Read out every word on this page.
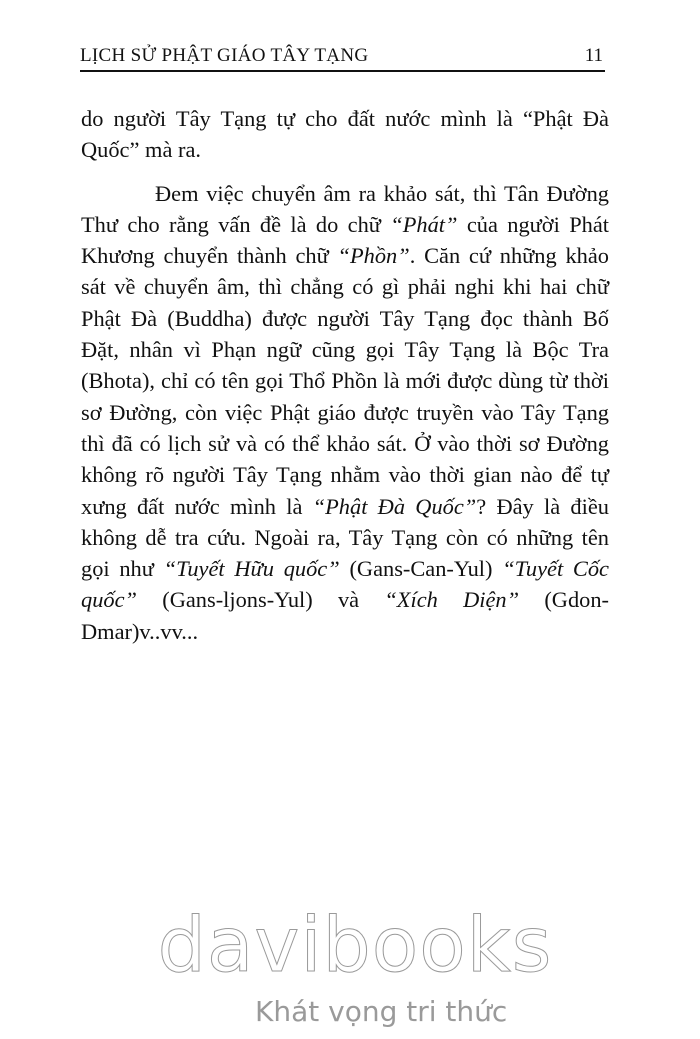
LỊCH SỬ PHẬT GIÁO TÂY TẠNG	11

do người Tây Tạng tự cho đất nước mình là “Phật Đà Quốc” mà ra.

Đem việc chuyển âm ra khảo sát, thì Tân Đường Thư cho rằng vấn đề là do chữ “Phát” của người Phát Khương chuyển thành chữ “Phồn”. Căn cứ những khảo sát về chuyển âm, thì chẳng có gì phải nghi khi hai chữ Phật Đà (Buddha) được người Tây Tạng đọc thành Bố Đặt, nhân vì Phạn ngữ cũng gọi Tây Tạng là Bộc Tra (Bhota), chỉ có tên gọi Thổ Phồn là mới được dùng từ thời sơ Đường, còn việc Phật giáo được truyền vào Tây Tạng thì đã có lịch sử và có thể khảo sát. Ở vào thời sơ Đường không rõ người Tây Tạng nhằm vào thời gian nào để tự xưng đất nước mình là “Phật Đà Quốc”? Đây là điều không dễ tra cứu. Ngoài ra, Tây Tạng còn có những tên gọi như “Tuyết Hữu quốc” (Gans-Can-Yul) “Tuyết Cốc quốc” (Gans-ljons-Yul) và “Xích Diện” (Gdon-Dmar)v..vv...

davibooks
Khát vọng tri thức
